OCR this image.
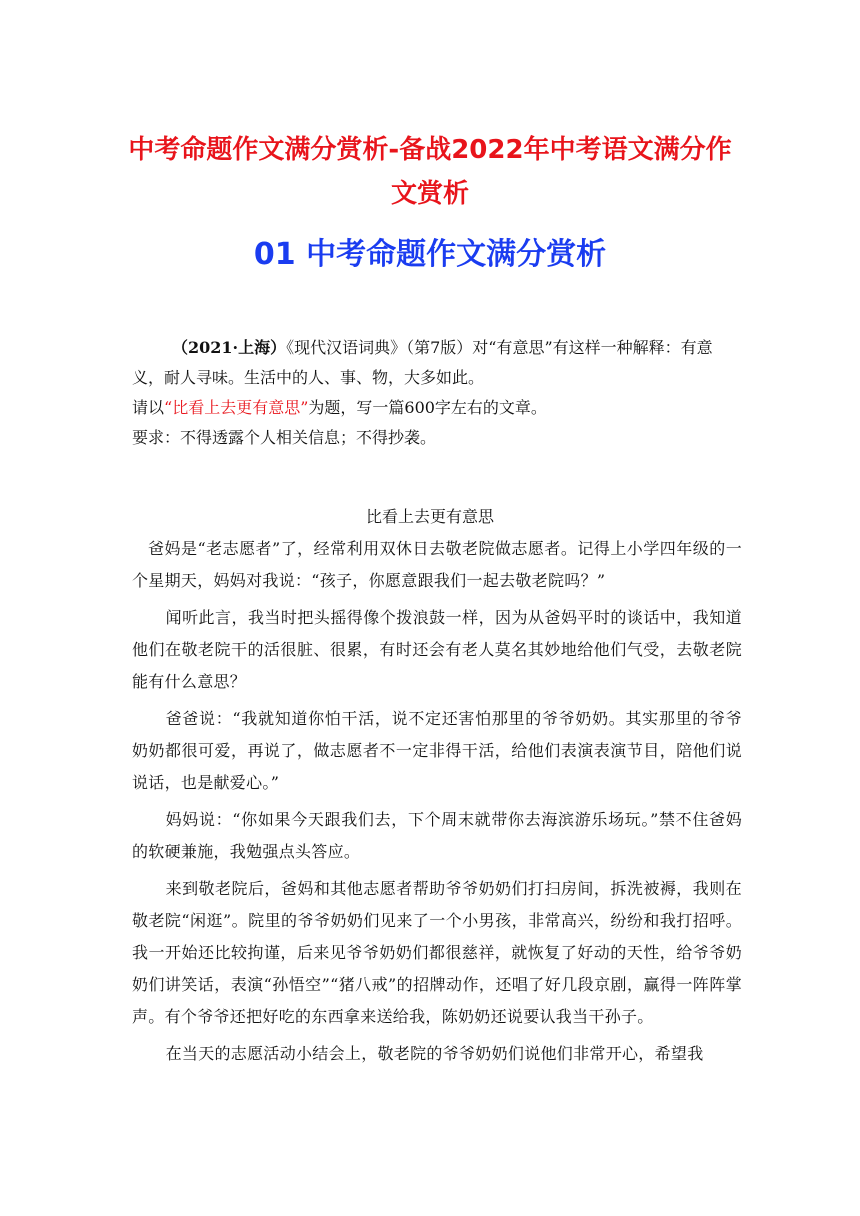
中考命题作文满分赏析-备战2022年中考语文满分作文赏析
01 中考命题作文满分赏析

（2021·上海）《现代汉语词典》（第7版）对“有意思”有这样一种解释：有意义，耐人寻味。生活中的人、事、物，大多如此。

请以“比看上去更有意思”为题，写一篇600字左右的文章。

要求：不得透露个人相关信息；不得抄袭。

比看上去更有意思

爸妈是“老志愿者”了，经常利用双休日去敬老院做志愿者。记得上小学四年级的一个星期天，妈妈对我说：“孩子，你愿意跟我们一起去敬老院吗？”

闻听此言，我当时把头摇得像个拨浪鼓一样，因为从爸妈平时的谈话中，我知道他们在敬老院干的活很脏、很累，有时还会有老人莫名其妙地给他们气受，去敬老院能有什么意思？

爸爸说：“我就知道你怕干活，说不定还害怕那里的爷爷奶奶。其实那里的爷爷奶奶都很可爱，再说了，做志愿者不一定非得干活，给他们表演表演节目，陪他们说说话，也是献爱心。”

妈妈说：“你如果今天跟我们去，下个周末就带你去海滨游乐场玩。”禁不住爸妈的软硬兼施，我勉强点头答应。

来到敬老院后，爸妈和其他志愿者帮助爷爷奶奶们打扫房间，拆洗被褥，我则在敬老院“闲逛”。院里的爷爷奶奶们见来了一个小男孩，非常高兴，纷纷和我打招呼。我一开始还比较拘谨，后来见爷爷奶奶们都很慈祥，就恢复了好动的天性，给爷爷奶奶们讲笑话，表演“孙悟空”“猪八戒”的招牌动作，还唱了好几段京剧，赢得一阵阵掌声。有个爷爷还把好吃的东西拿来送给我，陈奶奶还说要认我当干孙子。

在当天的志愿活动小结会上，敬老院的爷爷奶奶们说他们非常开心，希望我
